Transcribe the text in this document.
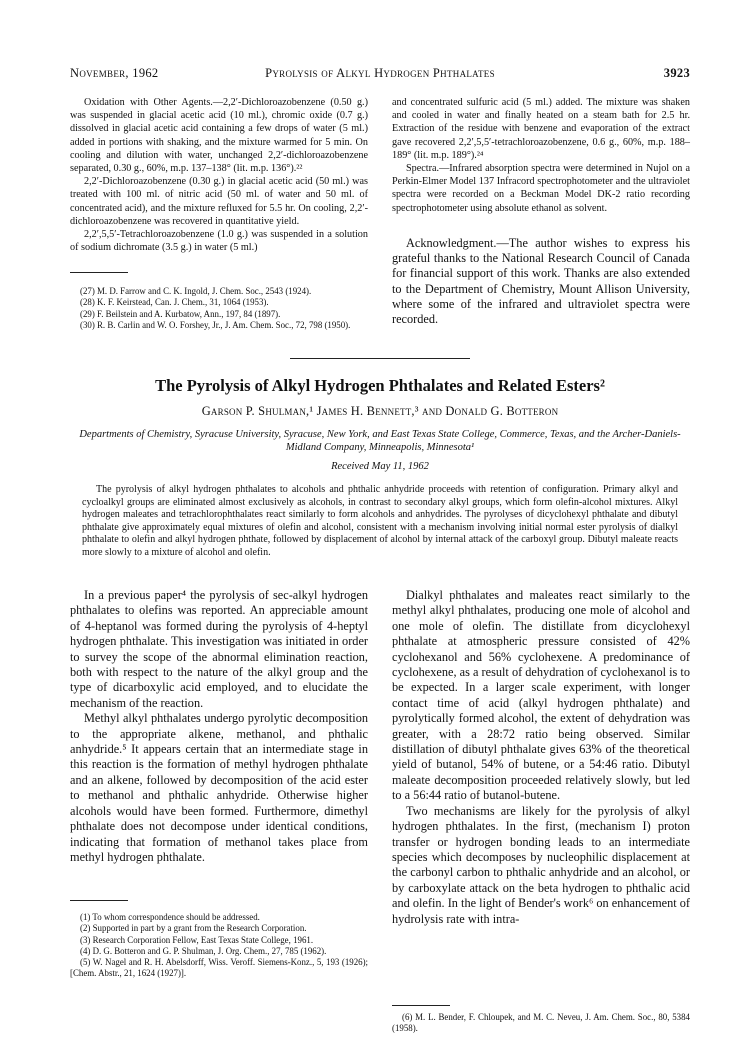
November, 1962	Pyrolysis of Alkyl Hydrogen Phthalates	3923

Oxidation with Other Agents.—2,2′-Dichloroazobenzene (0.50 g.) was suspended in glacial acetic acid (10 ml.), chromic oxide (0.7 g.) dissolved in glacial acetic acid containing a few drops of water (5 ml.) added in portions with shaking, and the mixture warmed for 5 min. On cooling and dilution with water, unchanged 2,2′-dichloroazobenzene separated, 0.30 g., 60%, m.p. 137–138° (lit. m.p. 136°).²²

2,2′-Dichloroazobenzene (0.30 g.) in glacial acetic acid (50 ml.) was treated with 100 ml. of nitric acid (50 ml. of water and 50 ml. of concentrated acid), and the mixture refluxed for 5.5 hr. On cooling, 2,2′-dichloroazobenzene was recovered in quantitative yield.

2,2′,5,5′-Tetrachloroazobenzene (1.0 g.) was suspended in a solution of sodium dichromate (3.5 g.) in water (5 ml.)

(27) M. D. Farrow and C. K. Ingold, J. Chem. Soc., 2543 (1924).

(28) K. F. Keirstead, Can. J. Chem., 31, 1064 (1953).

(29) F. Beilstein and A. Kurbatow, Ann., 197, 84 (1897).

(30) R. B. Carlin and W. O. Forshey, Jr., J. Am. Chem. Soc., 72, 798 (1950).

and concentrated sulfuric acid (5 ml.) added. The mixture was shaken and cooled in water and finally heated on a steam bath for 2.5 hr. Extraction of the residue with benzene and evaporation of the extract gave recovered 2,2′,5,5′-tetrachloroazobenzene, 0.6 g., 60%, m.p. 188–189° (lit. m.p. 189°).²⁴

Spectra.—Infrared absorption spectra were determined in Nujol on a Perkin-Elmer Model 137 Infracord spectrophotometer and the ultraviolet spectra were recorded on a Beckman Model DK-2 ratio recording spectrophotometer using absolute ethanol as solvent.

Acknowledgment.—The author wishes to express his grateful thanks to the National Research Council of Canada for financial support of this work. Thanks are also extended to the Department of Chemistry, Mount Allison University, where some of the infrared and ultraviolet spectra were recorded.

The Pyrolysis of Alkyl Hydrogen Phthalates and Related Esters²
Garson P. Shulman,¹ James H. Bennett,³ and Donald G. Botteron
Departments of Chemistry, Syracuse University, Syracuse, New York, and East Texas State College, Commerce, Texas, and the Archer-Daniels-Midland Company, Minneapolis, Minnesota¹
Received May 11, 1962

The pyrolysis of alkyl hydrogen phthalates to alcohols and phthalic anhydride proceeds with retention of configuration. Primary alkyl and cycloalkyl groups are eliminated almost exclusively as alcohols, in contrast to secondary alkyl groups, which form olefin-alcohol mixtures. Alkyl hydrogen maleates and tetrachlorophthalates react similarly to form alcohols and anhydrides. The pyrolyses of dicyclohexyl phthalate and dibutyl phthalate give approximately equal mixtures of olefin and alcohol, consistent with a mechanism involving initial normal ester pyrolysis of dialkyl phthalate to olefin and alkyl hydrogen phthate, followed by displacement of alcohol by internal attack of the carboxyl group. Dibutyl maleate reacts more slowly to a mixture of alcohol and olefin.

In a previous paper⁴ the pyrolysis of sec-alkyl hydrogen phthalates to olefins was reported. An appreciable amount of 4-heptanol was formed during the pyrolysis of 4-heptyl hydrogen phthalate. This investigation was initiated in order to survey the scope of the abnormal elimination reaction, both with respect to the nature of the alkyl group and the type of dicarboxylic acid employed, and to elucidate the mechanism of the reaction.

Methyl alkyl phthalates undergo pyrolytic decomposition to the appropriate alkene, methanol, and phthalic anhydride.⁵ It appears certain that an intermediate stage in this reaction is the formation of methyl hydrogen phthalate and an alkene, followed by decomposition of the acid ester to methanol and phthalic anhydride. Otherwise higher alcohols would have been formed. Furthermore, dimethyl phthalate does not decompose under identical conditions, indicating that formation of methanol takes place from methyl hydrogen phthalate.

(1) To whom correspondence should be addressed.

(2) Supported in part by a grant from the Research Corporation.

(3) Research Corporation Fellow, East Texas State College, 1961.

(4) D. G. Botteron and G. P. Shulman, J. Org. Chem., 27, 785 (1962).

(5) W. Nagel and R. H. Abelsdorff, Wiss. Veroff. Siemens-Konz., 5, 193 (1926); [Chem. Abstr., 21, 1624 (1927)].

Dialkyl phthalates and maleates react similarly to the methyl alkyl phthalates, producing one mole of alcohol and one mole of olefin. The distillate from dicyclohexyl phthalate at atmospheric pressure consisted of 42% cyclohexanol and 56% cyclohexene. A predominance of cyclohexene, as a result of dehydration of cyclohexanol is to be expected. In a larger scale experiment, with longer contact time of acid (alkyl hydrogen phthalate) and pyrolytically formed alcohol, the extent of dehydration was greater, with a 28:72 ratio being observed. Similar distillation of dibutyl phthalate gives 63% of the theoretical yield of butanol, 54% of butene, or a 54:46 ratio. Dibutyl maleate decomposition proceeded relatively slowly, but led to a 56:44 ratio of butanol-butene.

Two mechanisms are likely for the pyrolysis of alkyl hydrogen phthalates. In the first, (mechanism I) proton transfer or hydrogen bonding leads to an intermediate species which decomposes by nucleophilic displacement at the carbonyl carbon to phthalic anhydride and an alcohol, or by carboxylate attack on the beta hydrogen to phthalic acid and olefin. In the light of Bender's work⁶ on enhancement of hydrolysis rate with intra-

(6) M. L. Bender, F. Chloupek, and M. C. Neveu, J. Am. Chem. Soc., 80, 5384 (1958).
